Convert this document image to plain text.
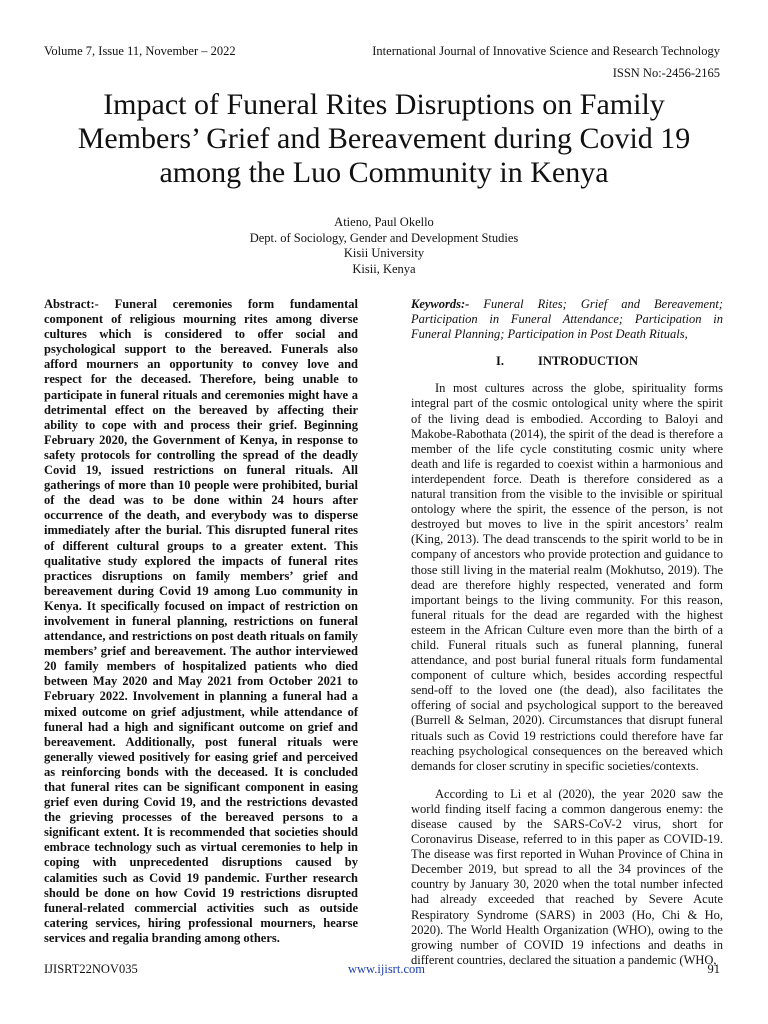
Volume 7, Issue 11, November – 2022	International Journal of Innovative Science and Research Technology
ISSN No:-2456-2165
Impact of Funeral Rites Disruptions on Family Members’ Grief and Bereavement during Covid 19 among the Luo Community in Kenya
Atieno, Paul Okello
Dept. of Sociology, Gender and Development Studies
Kisii University
Kisii, Kenya
Abstract:- Funeral ceremonies form fundamental component of religious mourning rites among diverse cultures which is considered to offer social and psychological support to the bereaved. Funerals also afford mourners an opportunity to convey love and respect for the deceased. Therefore, being unable to participate in funeral rituals and ceremonies might have a detrimental effect on the bereaved by affecting their ability to cope with and process their grief. Beginning February 2020, the Government of Kenya, in response to safety protocols for controlling the spread of the deadly Covid 19, issued restrictions on funeral rituals. All gatherings of more than 10 people were prohibited, burial of the dead was to be done within 24 hours after occurrence of the death, and everybody was to disperse immediately after the burial. This disrupted funeral rites of different cultural groups to a greater extent. This qualitative study explored the impacts of funeral rites practices disruptions on family members’ grief and bereavement during Covid 19 among Luo community in Kenya. It specifically focused on impact of restriction on involvement in funeral planning, restrictions on funeral attendance, and restrictions on post death rituals on family members’ grief and bereavement. The author interviewed 20 family members of hospitalized patients who died between May 2020 and May 2021 from October 2021 to February 2022. Involvement in planning a funeral had a mixed outcome on grief adjustment, while attendance of funeral had a high and significant outcome on grief and bereavement. Additionally, post funeral rituals were generally viewed positively for easing grief and perceived as reinforcing bonds with the deceased. It is concluded that funeral rites can be significant component in easing grief even during Covid 19, and the restrictions devasted the grieving processes of the bereaved persons to a significant extent. It is recommended that societies should embrace technology such as virtual ceremonies to help in coping with unprecedented disruptions caused by calamities such as Covid 19 pandemic. Further research should be done on how Covid 19 restrictions disrupted funeral-related commercial activities such as outside catering services, hiring professional mourners, hearse services and regalia branding among others.

Keywords:- Funeral Rites; Grief and Bereavement; Participation in Funeral Attendance; Participation in Funeral Planning; Participation in Post Death Rituals,

I.	INTRODUCTION

In most cultures across the globe, spirituality forms integral part of the cosmic ontological unity where the spirit of the living dead is embodied. According to Baloyi and Makobe-Rabothata (2014), the spirit of the dead is therefore a member of the life cycle constituting cosmic unity where death and life is regarded to coexist within a harmonious and interdependent force. Death is therefore considered as a natural transition from the visible to the invisible or spiritual ontology where the spirit, the essence of the person, is not destroyed but moves to live in the spirit ancestors’ realm (King, 2013). The dead transcends to the spirit world to be in company of ancestors who provide protection and guidance to those still living in the material realm (Mokhutso, 2019). The dead are therefore highly respected, venerated and form important beings to the living community. For this reason, funeral rituals for the dead are regarded with the highest esteem in the African Culture even more than the birth of a child. Funeral rituals such as funeral planning, funeral attendance, and post burial funeral rituals form fundamental component of culture which, besides according respectful send-off to the loved one (the dead), also facilitates the offering of social and psychological support to the bereaved (Burrell & Selman, 2020). Circumstances that disrupt funeral rituals such as Covid 19 restrictions could therefore have far reaching psychological consequences on the bereaved which demands for closer scrutiny in specific societies/contexts.

According to Li et al (2020), the year 2020 saw the world finding itself facing a common dangerous enemy: the disease caused by the SARS-CoV-2 virus, short for Coronavirus Disease, referred to in this paper as COVID-19. The disease was first reported in Wuhan Province of China in December 2019, but spread to all the 34 provinces of the country by January 30, 2020 when the total number infected had already exceeded that reached by Severe Acute Respiratory Syndrome (SARS) in 2003 (Ho, Chi & Ho, 2020). The World Health Organization (WHO), owing to the growing number of COVID 19 infections and deaths in different countries, declared the situation a pandemic (WHO,

IJISRT22NOV035	www.ijisrt.com	91
